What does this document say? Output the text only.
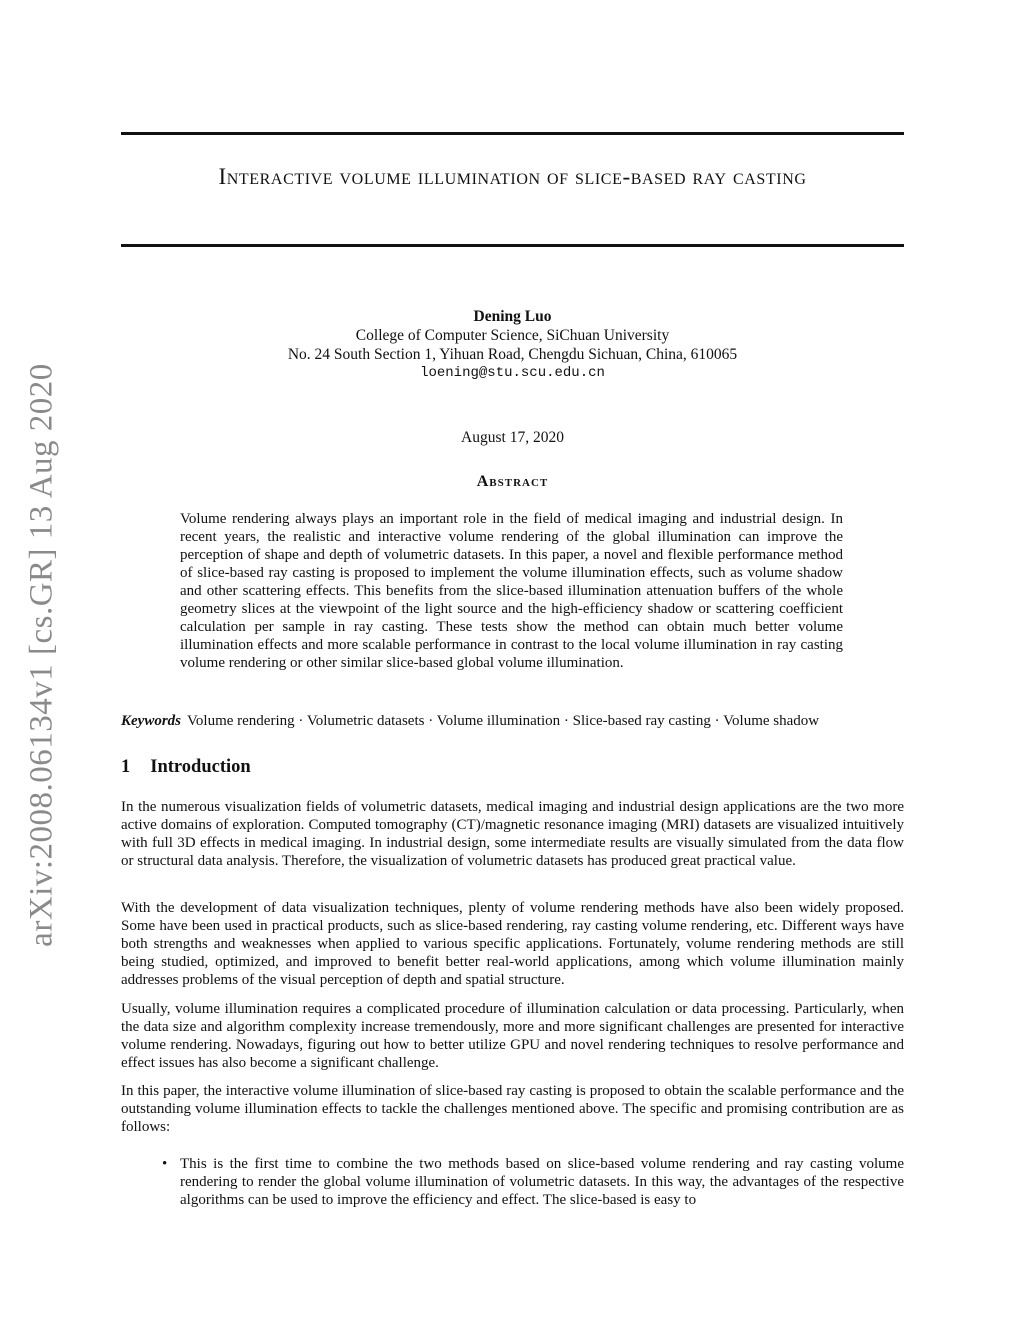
arXiv:2008.06134v1 [cs.GR] 13 Aug 2020
Interactive volume illumination of slice-based ray casting
Dening Luo
College of Computer Science, SiChuan University
No. 24 South Section 1, Yihuan Road, Chengdu Sichuan, China, 610065
loening@stu.scu.edu.cn
August 17, 2020
Abstract

Volume rendering always plays an important role in the field of medical imaging and industrial design. In recent years, the realistic and interactive volume rendering of the global illumination can improve the perception of shape and depth of volumetric datasets. In this paper, a novel and flexible performance method of slice-based ray casting is proposed to implement the volume illumination effects, such as volume shadow and other scattering effects. This benefits from the slice-based illumination attenuation buffers of the whole geometry slices at the viewpoint of the light source and the high-efficiency shadow or scattering coefficient calculation per sample in ray casting. These tests show the method can obtain much better volume illumination effects and more scalable performance in contrast to the local volume illumination in ray casting volume rendering or other similar slice-based global volume illumination.

Keywords Volume rendering · Volumetric datasets · Volume illumination · Slice-based ray casting · Volume shadow
1 Introduction

In the numerous visualization fields of volumetric datasets, medical imaging and industrial design applications are the two more active domains of exploration. Computed tomography (CT)/magnetic resonance imaging (MRI) datasets are visualized intuitively with full 3D effects in medical imaging. In industrial design, some intermediate results are visually simulated from the data flow or structural data analysis. Therefore, the visualization of volumetric datasets has produced great practical value.

With the development of data visualization techniques, plenty of volume rendering methods have also been widely proposed. Some have been used in practical products, such as slice-based rendering, ray casting volume rendering, etc. Different ways have both strengths and weaknesses when applied to various specific applications. Fortunately, volume rendering methods are still being studied, optimized, and improved to benefit better real-world applications, among which volume illumination mainly addresses problems of the visual perception of depth and spatial structure.

Usually, volume illumination requires a complicated procedure of illumination calculation or data processing. Particularly, when the data size and algorithm complexity increase tremendously, more and more significant challenges are presented for interactive volume rendering. Nowadays, figuring out how to better utilize GPU and novel rendering techniques to resolve performance and effect issues has also become a significant challenge.

In this paper, the interactive volume illumination of slice-based ray casting is proposed to obtain the scalable performance and the outstanding volume illumination effects to tackle the challenges mentioned above. The specific and promising contribution are as follows:

• This is the first time to combine the two methods based on slice-based volume rendering and ray casting volume rendering to render the global volume illumination of volumetric datasets. In this way, the advantages of the respective algorithms can be used to improve the efficiency and effect. The slice-based is easy to
